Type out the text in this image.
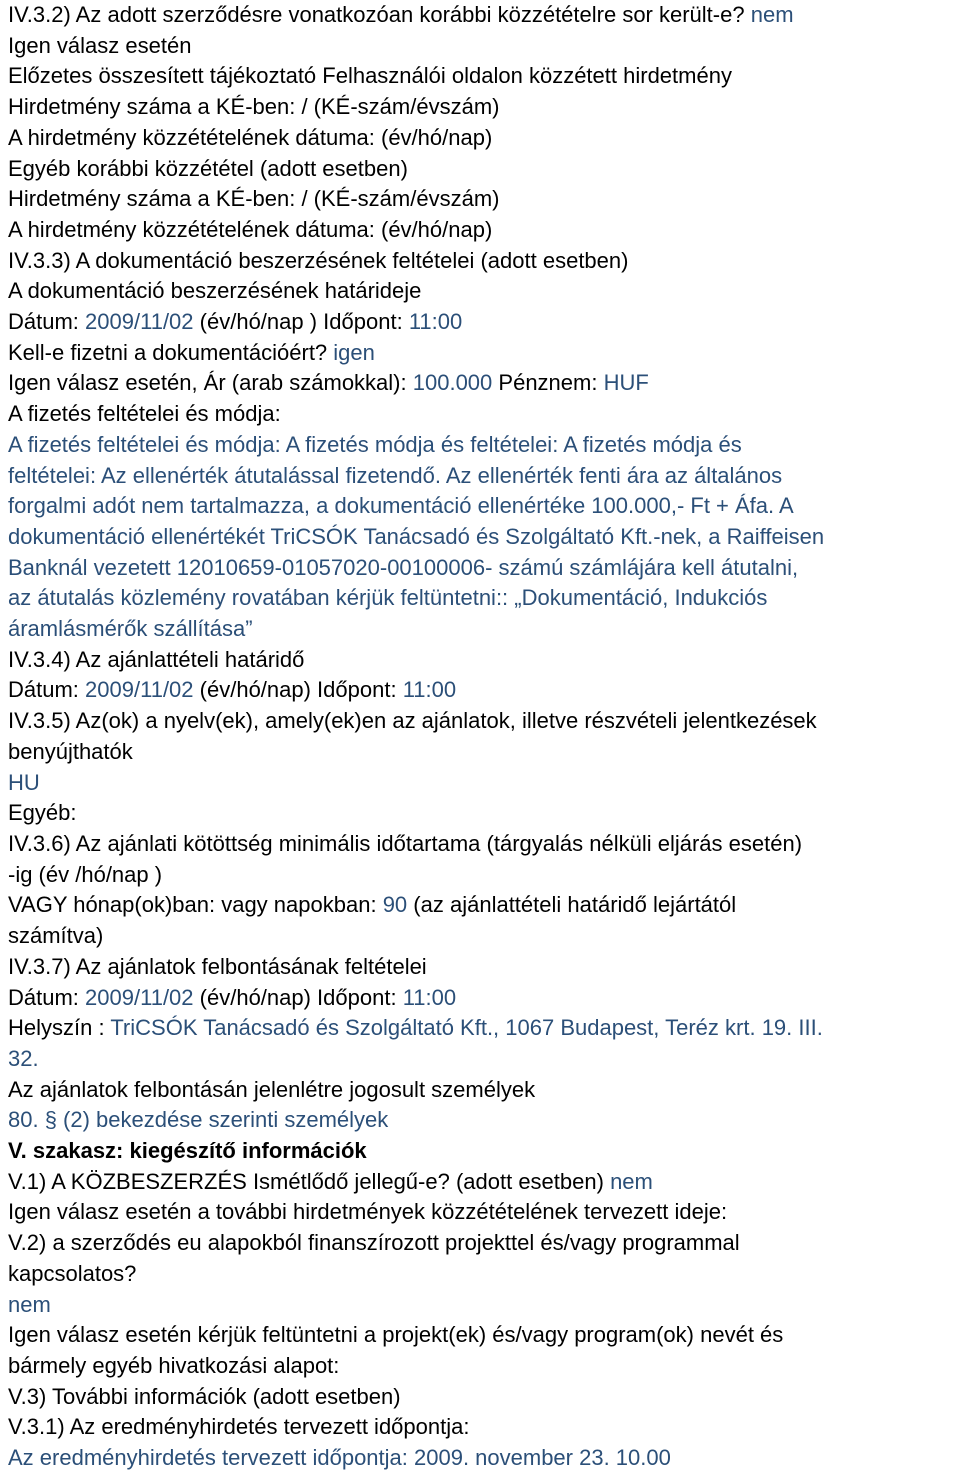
IV.3.2) Az adott szerződésre vonatkozóan korábbi közzétételre sor került-e? nem

Igen válasz esetén

Előzetes összesített tájékoztató Felhasználói oldalon közzétett hirdetmény

Hirdetmény száma a KÉ-ben: / (KÉ-szám/évszám)

A hirdetmény közzétételének dátuma: (év/hó/nap)

Egyéb korábbi közzététel (adott esetben)

Hirdetmény száma a KÉ-ben: / (KÉ-szám/évszám)

A hirdetmény közzétételének dátuma: (év/hó/nap)

IV.3.3) A dokumentáció beszerzésének feltételei (adott esetben)

A dokumentáció beszerzésének határideje

Dátum: 2009/11/02 (év/hó/nap ) Időpont: 11:00

Kell-e fizetni a dokumentációért? igen

Igen válasz esetén, Ár (arab számokkal): 100.000 Pénznem: HUF

A fizetés feltételei és módja:

A fizetés feltételei és módja: A fizetés módja és feltételei: A fizetés módja és

feltételei: Az ellenérték átutalással fizetendő. Az ellenérték fenti ára az általános

forgalmi adót nem tartalmazza, a dokumentáció ellenértéke 100.000,- Ft + Áfa. A

dokumentáció ellenértékét TriCSÓK Tanácsadó és Szolgáltató Kft.-nek, a Raiffeisen

Banknál vezetett 12010659-01057020-00100006- számú számlájára kell átutalni,

az átutalás közlemény rovatában kérjük feltüntetni:: „Dokumentáció, Indukciós

áramlásmérők szállítása”

IV.3.4) Az ajánlattételi határidő

Dátum: 2009/11/02 (év/hó/nap) Időpont: 11:00

IV.3.5) Az(ok) a nyelv(ek), amely(ek)en az ajánlatok, illetve részvételi jelentkezések

benyújthatók

HU

Egyéb:

IV.3.6) Az ajánlati kötöttség minimális időtartama (tárgyalás nélküli eljárás esetén)

-ig (év /hó/nap )

VAGY hónap(ok)ban: vagy napokban: 90 (az ajánlattételi határidő lejártától

számítva)

IV.3.7) Az ajánlatok felbontásának feltételei

Dátum: 2009/11/02 (év/hó/nap) Időpont: 11:00

Helyszín : TriCSÓK Tanácsadó és Szolgáltató Kft., 1067 Budapest, Teréz krt. 19. III.

32.

Az ajánlatok felbontásán jelenlétre jogosult személyek

80. § (2) bekezdése szerinti személyek

V. szakasz: kiegészítő információk

V.1) A KÖZBESZERZÉS Ismétlődő jellegű-e? (adott esetben) nem

Igen válasz esetén a további hirdetmények közzétételének tervezett ideje:

V.2) a szerződés eu alapokból finanszírozott projekttel és/vagy programmal

kapcsolatos?

nem

Igen válasz esetén kérjük feltüntetni a projekt(ek) és/vagy program(ok) nevét és

bármely egyéb hivatkozási alapot:

V.3) További információk (adott esetben)

V.3.1) Az eredményhirdetés tervezett időpontja:

Az eredményhirdetés tervezett időpontja: 2009. november 23. 10.00
